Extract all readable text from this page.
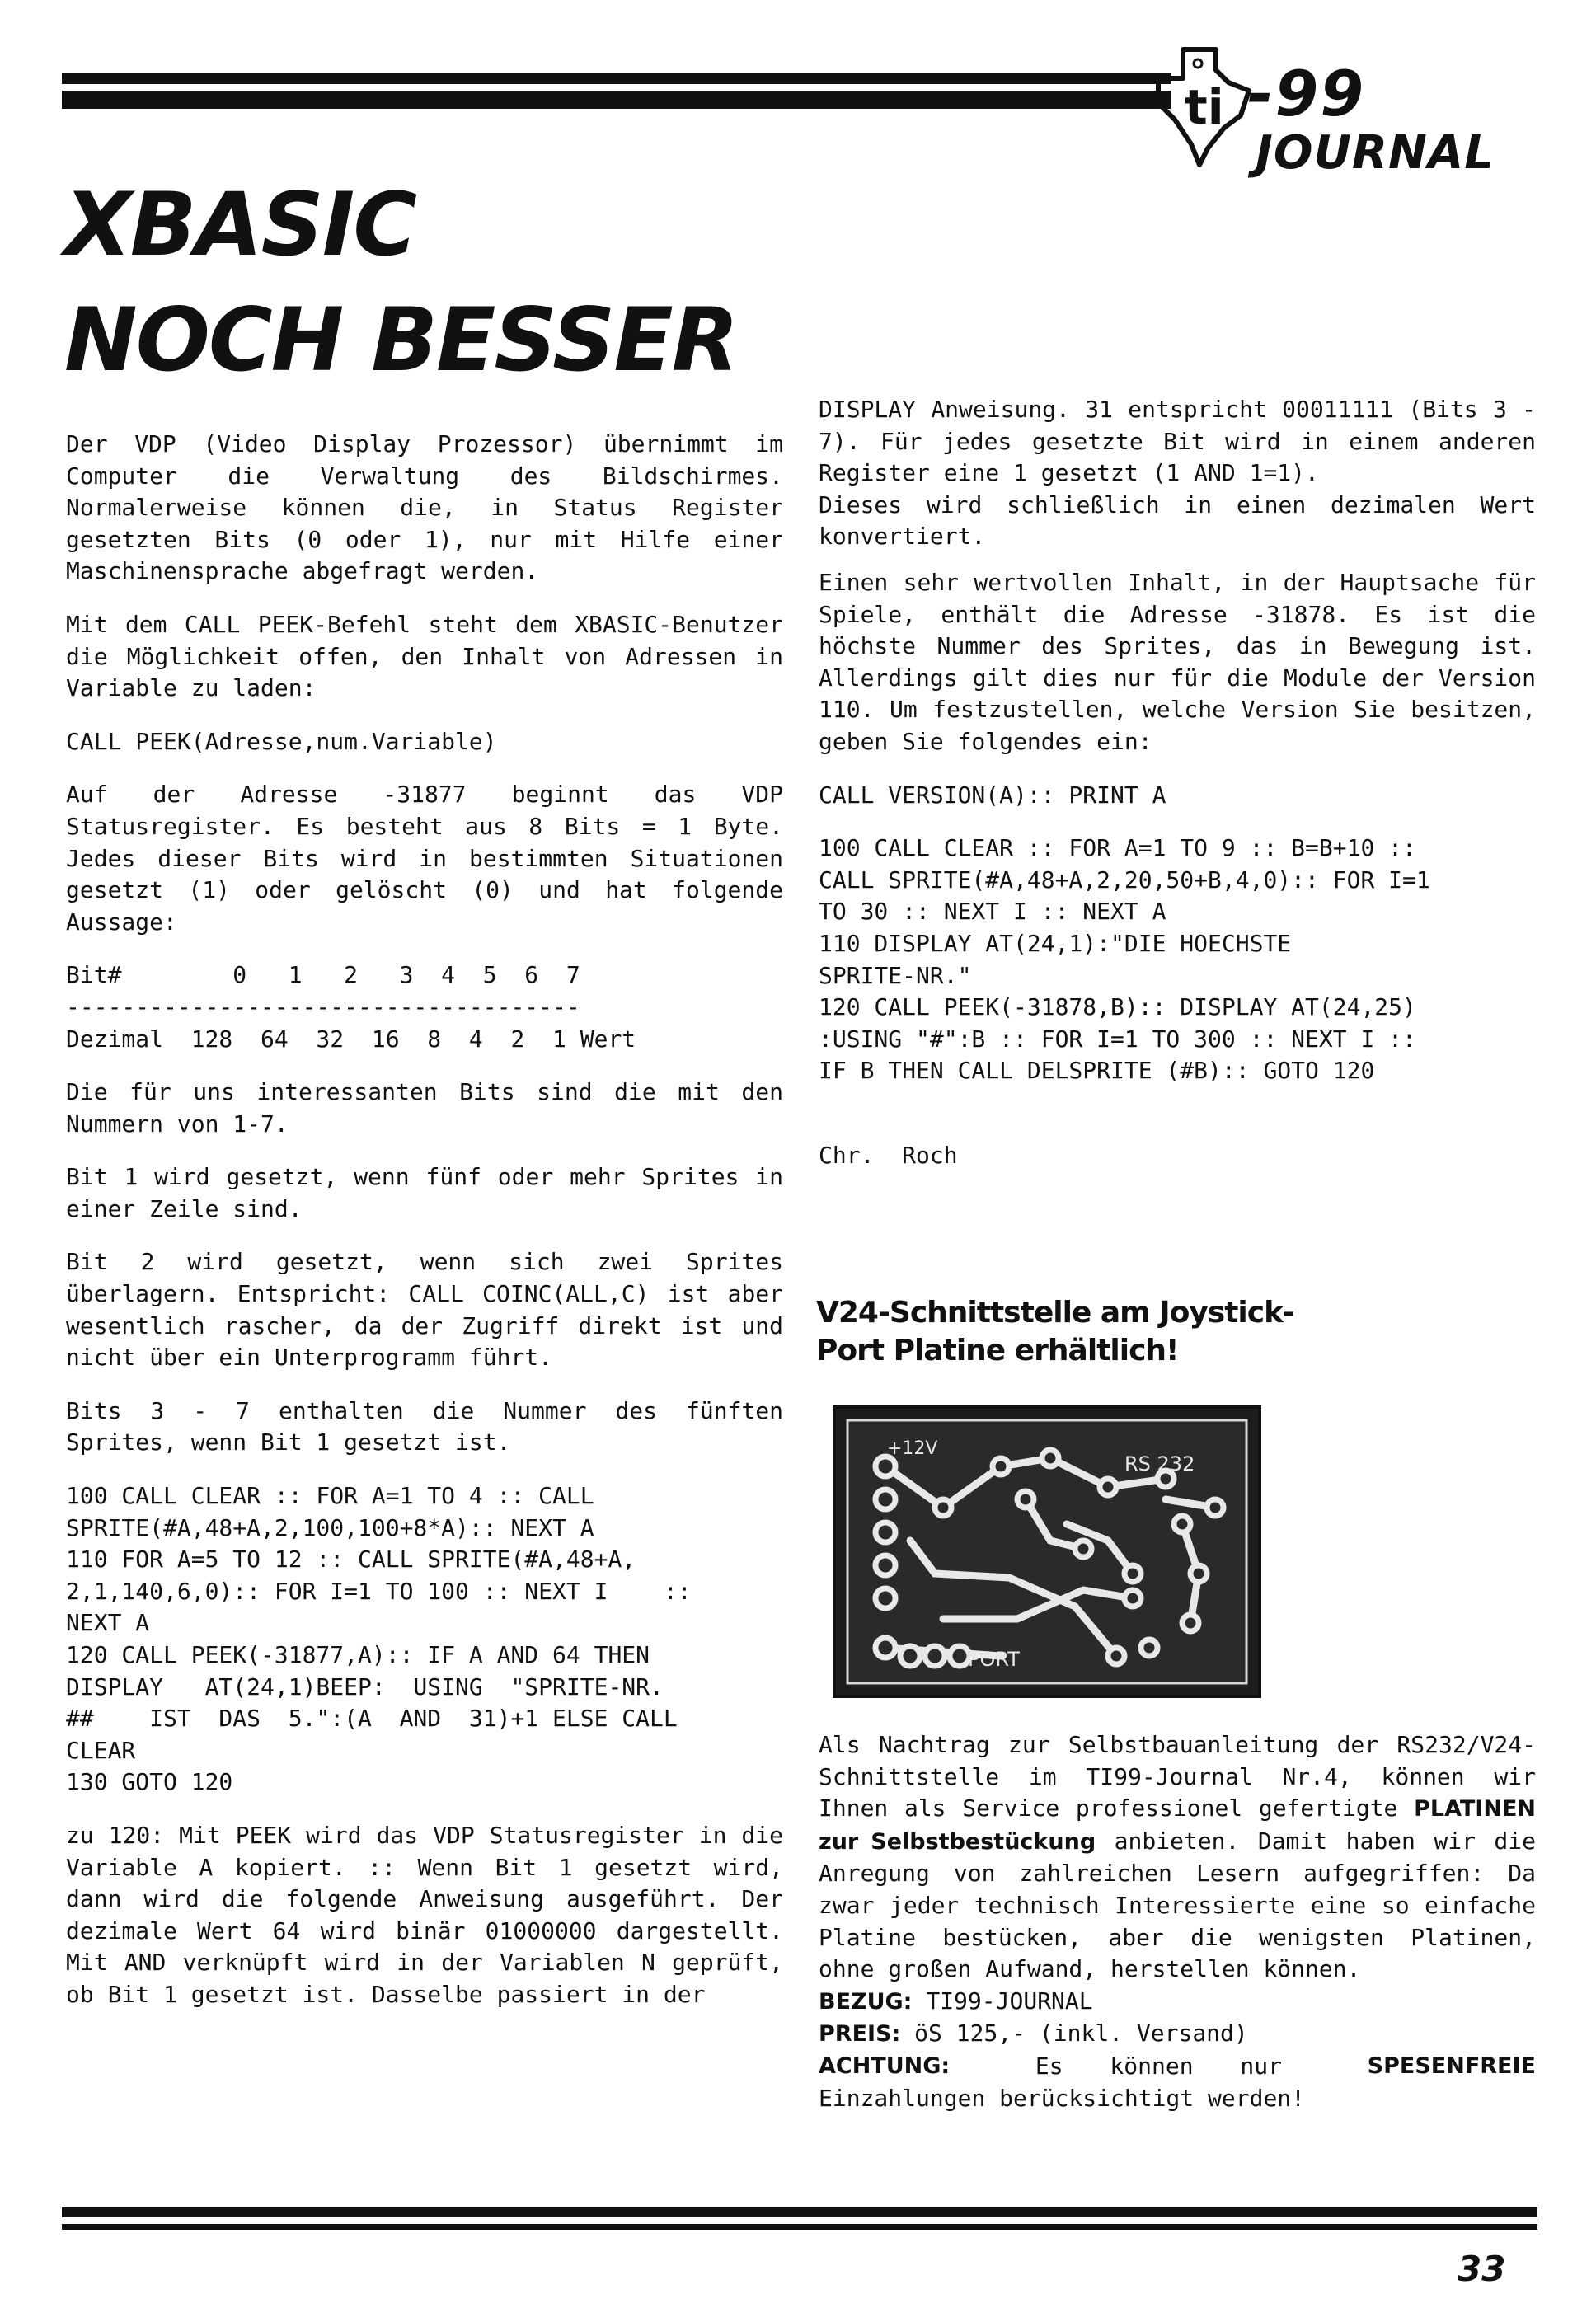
ti -99
JOURNAL
XBASIC
NOCH BESSER

Der VDP (Video Display Prozessor) übernimmt im Computer die Verwaltung des Bildschirmes. Normalerweise können die, in Status Register gesetzten Bits (0 oder 1), nur mit Hilfe einer Maschinensprache abgefragt werden.

Mit dem CALL PEEK-Befehl steht dem XBASIC-Benutzer die Möglichkeit offen, den Inhalt von Adressen in Variable zu laden:

CALL PEEK(Adresse,num.Variable)

Auf der Adresse -31877 beginnt das VDP Statusregister. Es besteht aus 8 Bits = 1 Byte. Jedes dieser Bits wird in bestimmten Situationen gesetzt (1) oder gelöscht (0) und hat folgende Aussage:

Bit#        0   1   2   3  4  5  6  7
-------------------------------------
Dezimal  128  64  32  16  8  4  2  1 Wert

Die für uns interessanten Bits sind die mit den Nummern von 1-7.

Bit 1 wird gesetzt, wenn fünf oder mehr Sprites in einer Zeile sind.

Bit 2 wird gesetzt, wenn sich zwei Sprites überlagern. Entspricht: CALL COINC(ALL,C) ist aber wesentlich rascher, da der Zugriff direkt ist und nicht über ein Unterprogramm führt.

Bits 3 - 7 enthalten die Nummer des fünften Sprites, wenn Bit 1 gesetzt ist.

100 CALL CLEAR :: FOR A=1 TO 4 :: CALL
SPRITE(#A,48+A,2,100,100+8*A):: NEXT A
110 FOR A=5 TO 12 :: CALL SPRITE(#A,48+A,
2,1,140,6,0):: FOR I=1 TO 100 :: NEXT I    ::
NEXT A
120 CALL PEEK(-31877,A):: IF A AND 64 THEN
DISPLAY   AT(24,1)BEEP:  USING  "SPRITE-NR.
##    IST  DAS  5.":(A  AND  31)+1 ELSE CALL
CLEAR
130 GOTO 120

zu 120: Mit PEEK wird das VDP Statusregister in die Variable A kopiert. :: Wenn Bit 1 gesetzt wird, dann wird die folgende Anweisung ausgeführt. Der dezimale Wert 64 wird binär 01000000 dargestellt. Mit AND verknüpft wird in der Variablen N geprüft, ob Bit 1 gesetzt ist. Dasselbe passiert in der

DISPLAY Anweisung. 31 entspricht 00011111 (Bits 3 - 7). Für jedes gesetzte Bit wird in einem anderen Register eine 1 gesetzt (1 AND 1=1).

Dieses wird schließlich in einen dezimalen Wert konvertiert.

Einen sehr wertvollen Inhalt, in der Hauptsache für Spiele, enthält die Adresse -31878. Es ist die höchste Nummer des Sprites, das in Bewegung ist. Allerdings gilt dies nur für die Module der Version 110. Um festzustellen, welche Version Sie besitzen, geben Sie folgendes ein:

CALL VERSION(A):: PRINT A

100 CALL CLEAR :: FOR A=1 TO 9 :: B=B+10 ::
CALL SPRITE(#A,48+A,2,20,50+B,4,0):: FOR I=1
TO 30 :: NEXT I :: NEXT A
110 DISPLAY AT(24,1):"DIE HOECHSTE
SPRITE-NR."
120 CALL PEEK(-31878,B):: DISPLAY AT(24,25)
:USING "#":B :: FOR I=1 TO 300 :: NEXT I ::
IF B THEN CALL DELSPRITE (#B):: GOTO 120

Chr.  Roch

V24-Schnittstelle am Joystick-Port Platine erhältlich!
+12V
RS 232
PORT

Als Nachtrag zur Selbstbauanleitung der RS232/V24-Schnittstelle im TI99-Journal Nr.4, können wir Ihnen als Service professionel gefertigte PLATINEN zur Selbstbestückung anbieten. Damit haben wir die Anregung von zahlreichen Lesern aufgegriffen: Da zwar jeder technisch Interessierte eine so einfache Platine bestücken, aber die wenigsten Platinen, ohne großen Aufwand, herstellen können.

BEZUG: TI99-JOURNAL
PREIS: öS 125,- (inkl. Versand)
ACHTUNG:	Es können nur	SPESENFREIE
Einzahlungen berücksichtigt werden!
33
